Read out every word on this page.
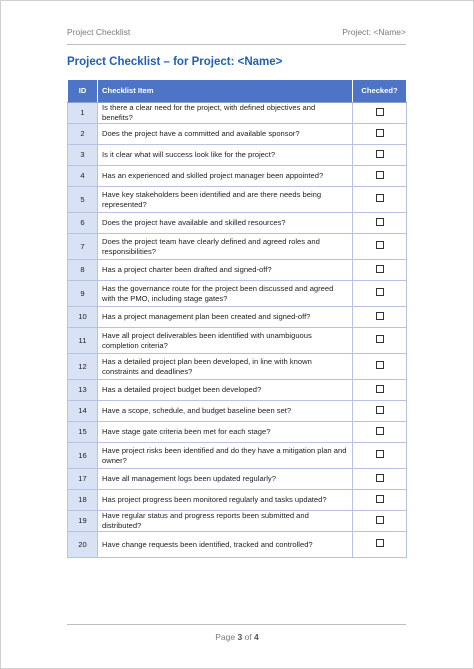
Project Checklist	Project: <Name>
Project Checklist – for Project: <Name>
ID	Checklist Item	Checked?
1	Is there a clear need for the project, with defined objectives and benefits?	
2	Does the project have a committed and available sponsor?	
3	Is it clear what will success look like for the project?	
4	Has an experienced and skilled project manager been appointed?	
5	Have key stakeholders been identified and are there needs being represented?	
6	Does the project have available and skilled resources?	
7	Does the project team have clearly defined and agreed roles and responsibilities?	
8	Has a project charter been drafted and signed-off?	
9	Has the governance route for the project been discussed and agreed with the PMO, including stage gates?	
10	Has a project management plan been created and signed-off?	
11	Have all project deliverables been identified with unambiguous completion criteria?	
12	Has a detailed project plan been developed, in line with known constraints and deadlines?	
13	Has a detailed project budget been developed?	
14	Have a scope, schedule, and budget baseline been set?	
15	Have stage gate criteria been met for each stage?	
16	Have project risks been identified and do they have a mitigation plan and owner?	
17	Have all management logs been updated regularly?	
18	Has project progress been monitored regularly and tasks updated?	
19	Have regular status and progress reports been submitted and distributed?	
20	Have change requests been identified, tracked and controlled?	
Page 3 of 4
